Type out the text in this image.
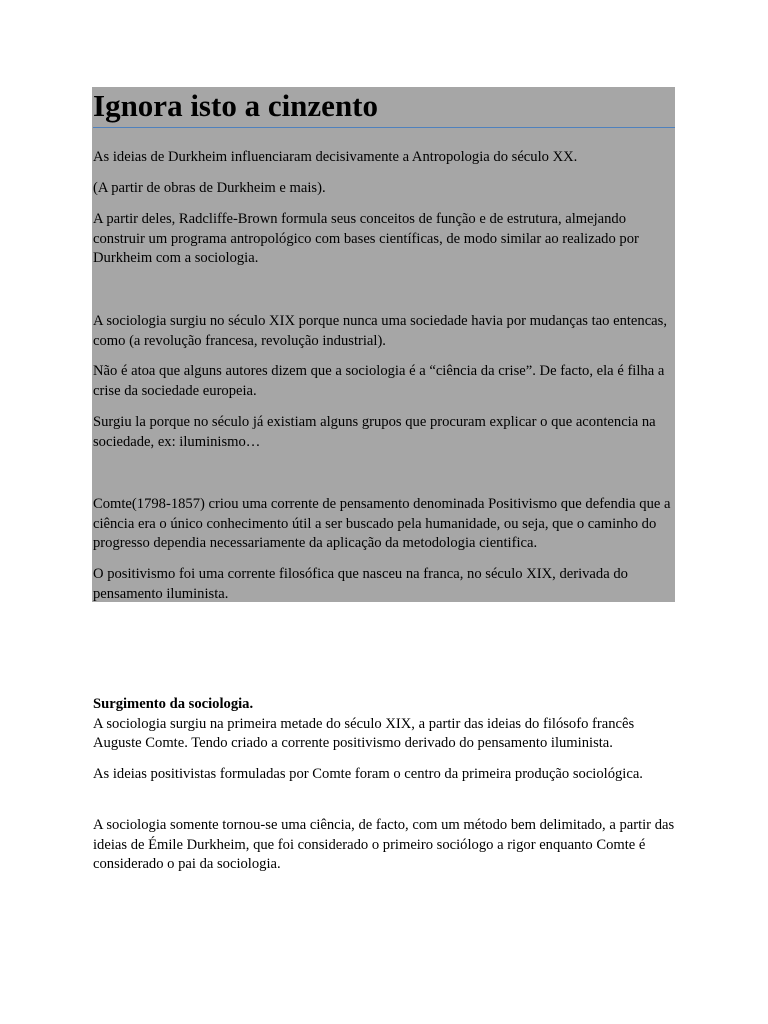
Ignora isto a cinzento

As ideias de Durkheim influenciaram decisivamente a Antropologia do século XX.

(A partir de obras de Durkheim e mais).

A partir deles, Radcliffe-Brown formula seus conceitos de função e de estrutura, almejando construir um programa antropológico com bases científicas, de modo similar ao realizado por Durkheim com a sociologia.

A sociologia surgiu no século XIX porque nunca uma sociedade havia por mudanças tao entencas, como (a revolução francesa, revolução industrial).

Não é atoa que alguns autores dizem que a sociologia é a “ciência da crise”. De facto, ela é filha a crise da sociedade europeia.

Surgiu la porque no século já existiam alguns grupos que procuram explicar o que acontencia na sociedade, ex: iluminismo…

Comte(1798-1857) criou uma corrente de pensamento denominada Positivismo que defendia que a ciência era o único conhecimento útil a ser buscado pela humanidade, ou seja, que o caminho do progresso dependia necessariamente da aplicação da metodologia cientifica.

O positivismo foi uma corrente filosófica que nasceu na franca, no século XIX, derivada do pensamento iluminista.

Surgimento da sociologia.
A sociologia surgiu na primeira metade do século XIX, a partir das ideias do filósofo francês Auguste Comte. Tendo criado a corrente positivismo derivado do pensamento iluminista.

As ideias positivistas formuladas por Comte foram o centro da primeira produção sociológica.

A sociologia somente tornou-se uma ciência, de facto, com um método bem delimitado, a partir das ideias de Émile Durkheim, que foi considerado o primeiro sociólogo a rigor enquanto Comte é considerado o pai da sociologia.
